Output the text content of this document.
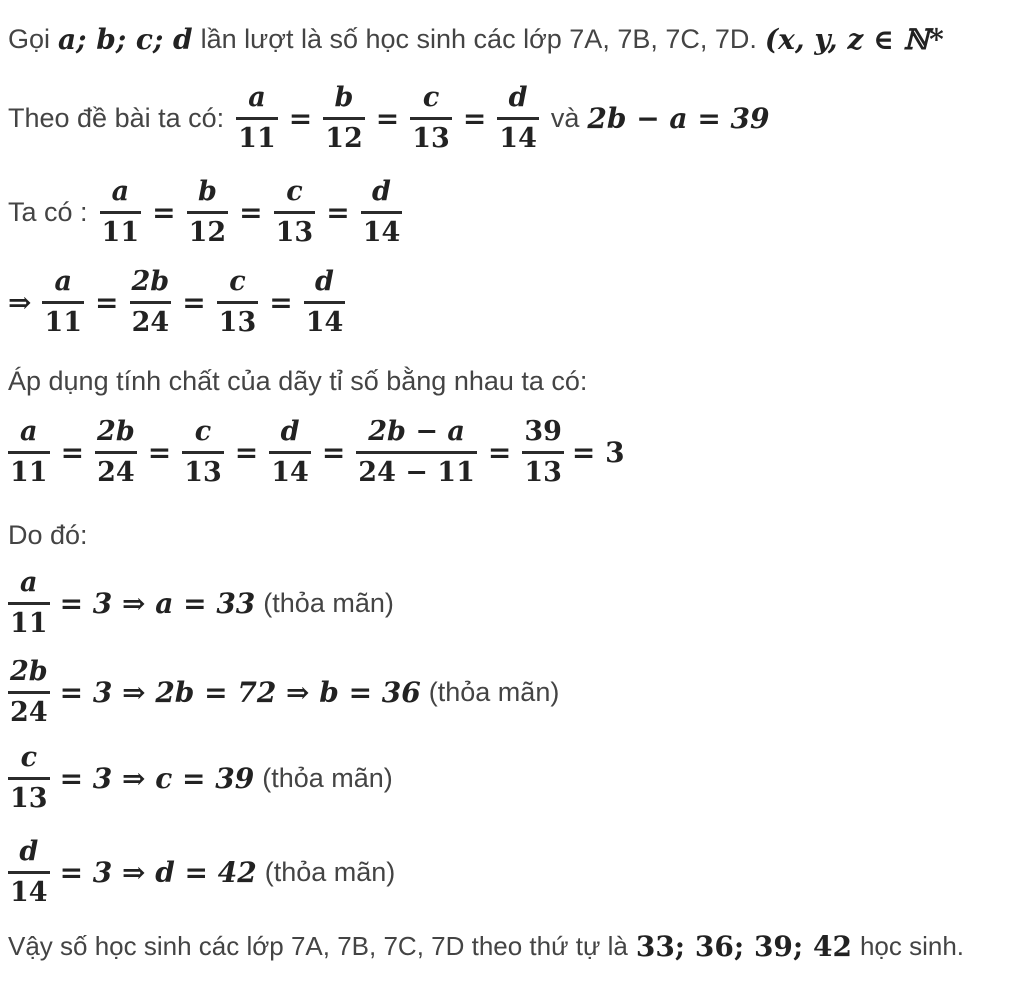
Gọi a; b; c; d lần lượt là số học sinh các lớp 7A, 7B, 7C, 7D. (x, y, z ∈ ℕ*
Theo đề bài ta có: $\frac{a}{11} = \frac{b}{12} = \frac{c}{13} = \frac{d}{14}$ và 2b − a = 39
Ta có : $\frac{a}{11} = \frac{b}{12} = \frac{c}{13} = \frac{d}{14}$
⇒ $\frac{a}{11} = \frac{2b}{24} = \frac{c}{13} = \frac{d}{14}$
Áp dụng tính chất của dãy tỉ số bằng nhau ta có:
$\frac{a}{11} = \frac{2b}{24} = \frac{c}{13} = \frac{d}{14} = \frac{2b - a}{24 - 11} = \frac{39}{13} = 3$
Do đó:
$\frac{a}{11} = 3$ ⇒ a = 33 (thỏa mãn)
$\frac{2b}{24} = 3$ ⇒ 2b = 72 ⇒ b = 36 (thỏa mãn)
$\frac{c}{13} = 3$ ⇒ c = 39 (thỏa mãn)
$\frac{d}{14} = 3$ ⇒ d = 42 (thỏa mãn)
Vậy số học sinh các lớp 7A, 7B, 7C, 7D theo thứ tự là 33; 36; 39; 42 học sinh.
